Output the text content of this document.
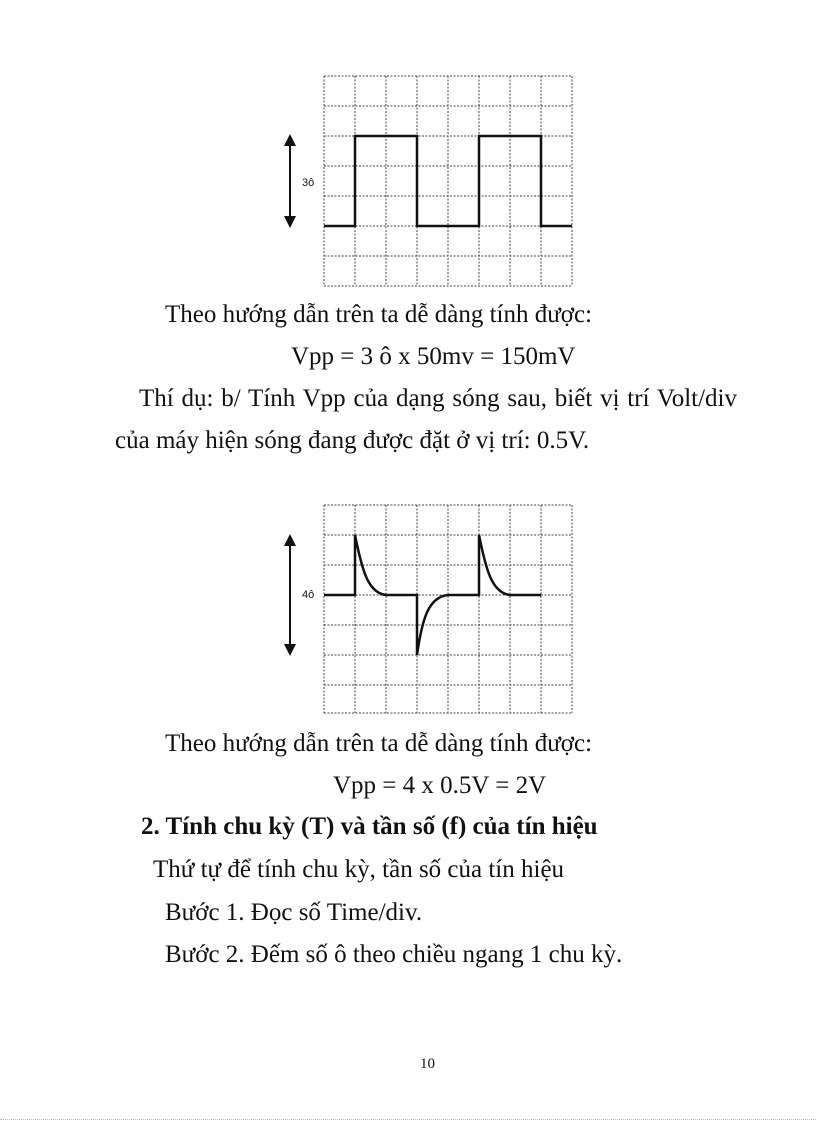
3ô
Theo hướng dẫn trên ta dễ dàng tính được:
Vpp = 3 ô x 50mv = 150mV
Thí dụ: b/ Tính Vpp của dạng sóng sau, biết vị trí Volt/div của máy hiện sóng đang được đặt ở vị trí: 0.5V.
4ô
Theo hướng dẫn trên ta dễ dàng tính được:
Vpp = 4 x 0.5V = 2V
2. Tính chu kỳ (T) và tần số (f) của tín hiệu
Thứ tự để tính chu kỳ, tần số của tín hiệu
Bước 1. Đọc số Time/div.
Bước 2. Đếm số ô theo chiều ngang 1 chu kỳ.
10
